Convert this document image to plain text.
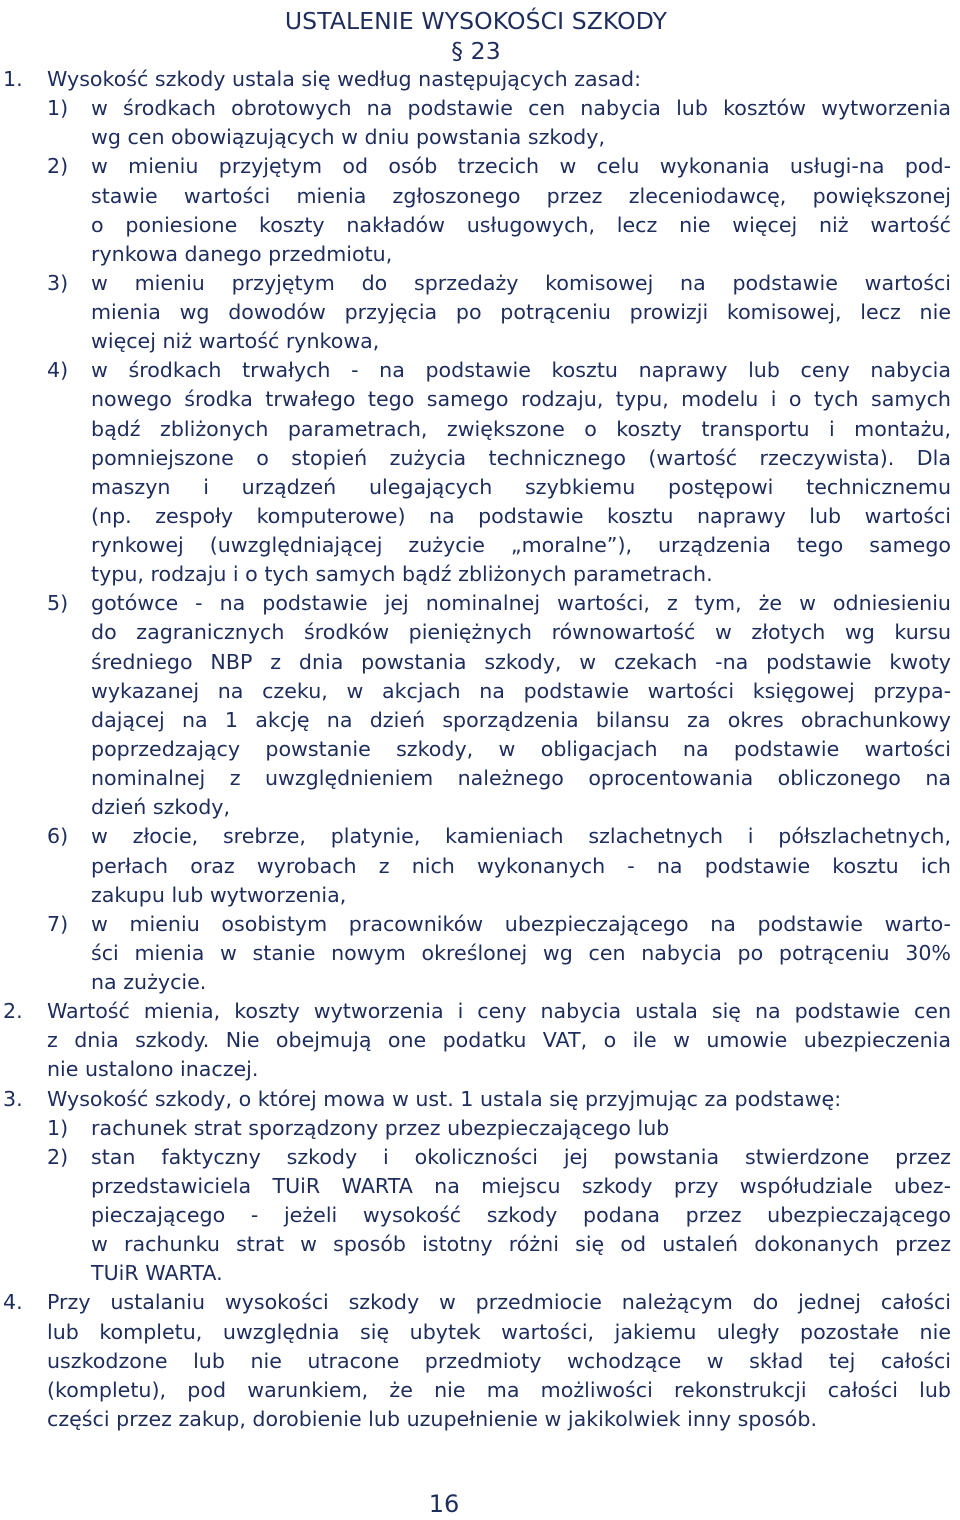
USTALENIE WYSOKOŚCI SZKODY
§ 23
1. Wysokość szkody ustala się według następujących zasad:
1) w środkach obrotowych na podstawie cen nabycia lub kosztów wytworzenia
wg cen obowiązujących w dniu powstania szkody,
2) w mieniu przyjętym od osób trzecich w celu wykonania usługi-na pod-
stawie wartości mienia zgłoszonego przez zleceniodawcę, powiększonej
o poniesione koszty nakładów usługowych, lecz nie więcej niż wartość
rynkowa danego przedmiotu,
3) w mieniu przyjętym do sprzedaży komisowej na podstawie wartości
mienia wg dowodów przyjęcia po potrąceniu prowizji komisowej, lecz nie
więcej niż wartość rynkowa,
4) w środkach trwałych - na podstawie kosztu naprawy lub ceny nabycia
nowego środka trwałego tego samego rodzaju, typu, modelu i o tych samych
bądź zbliżonych parametrach, zwiększone o koszty transportu i montażu,
pomniejszone o stopień zużycia technicznego (wartość rzeczywista). Dla
maszyn i urządzeń ulegających szybkiemu postępowi technicznemu
(np. zespoły komputerowe) na podstawie kosztu naprawy lub wartości
rynkowej (uwzględniającej zużycie „moralne”), urządzenia tego samego
typu, rodzaju i o tych samych bądź zbliżonych parametrach.
5) gotówce - na podstawie jej nominalnej wartości, z tym, że w odniesieniu
do zagranicznych środków pieniężnych równowartość w złotych wg kursu
średniego NBP z dnia powstania szkody, w czekach -na podstawie kwoty
wykazanej na czeku, w akcjach na podstawie wartości księgowej przypa-
dającej na 1 akcję na dzień sporządzenia bilansu za okres obrachunkowy
poprzedzający powstanie szkody, w obligacjach na podstawie wartości
nominalnej z uwzględnieniem należnego oprocentowania obliczonego na
dzień szkody,
6) w złocie, srebrze, platynie, kamieniach szlachetnych i półszlachetnych,
perłach oraz wyrobach z nich wykonanych - na podstawie kosztu ich
zakupu lub wytworzenia,
7) w mieniu osobistym pracowników ubezpieczającego na podstawie warto-
ści mienia w stanie nowym określonej wg cen nabycia po potrąceniu 30%
na zużycie.
2. Wartość mienia, koszty wytworzenia i ceny nabycia ustala się na podstawie cen
z dnia szkody. Nie obejmują one podatku VAT, o ile w umowie ubezpieczenia
nie ustalono inaczej.
3. Wysokość szkody, o której mowa w ust. 1 ustala się przyjmując za podstawę:
1) rachunek strat sporządzony przez ubezpieczającego lub
2) stan faktyczny szkody i okoliczności jej powstania stwierdzone przez
przedstawiciela TUiR WARTA na miejscu szkody przy współudziale ubez-
pieczającego - jeżeli wysokość szkody podana przez ubezpieczającego
w rachunku strat w sposób istotny różni się od ustaleń dokonanych przez
TUiR WARTA.
4. Przy ustalaniu wysokości szkody w przedmiocie należącym do jednej całości
lub kompletu, uwzględnia się ubytek wartości, jakiemu uległy pozostałe nie
uszkodzone lub nie utracone przedmioty wchodzące w skład tej całości
(kompletu), pod warunkiem, że nie ma możliwości rekonstrukcji całości lub
części przez zakup, dorobienie lub uzupełnienie w jakikolwiek inny sposób.
16
